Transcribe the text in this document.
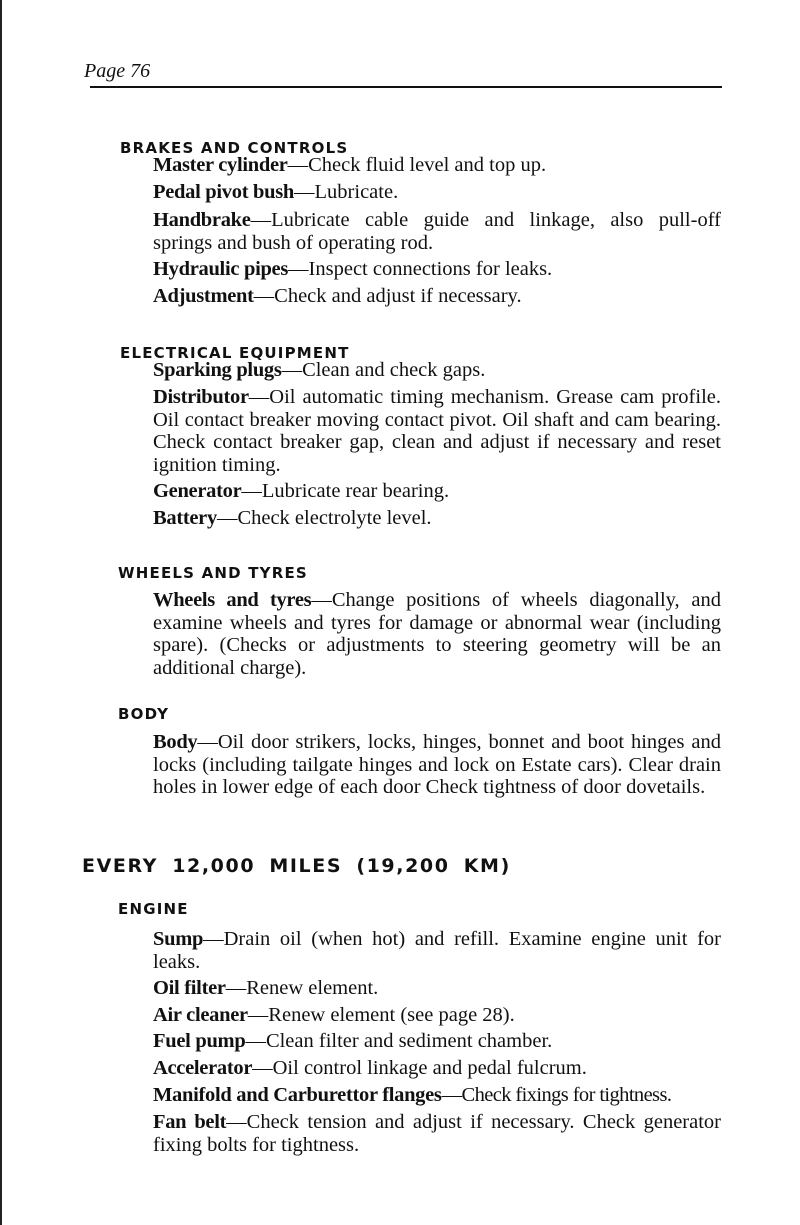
Page 76
BRAKES AND CONTROLS

Master cylinder — Check fluid level and top up.

Pedal pivot bush — Lubricate.

Handbrake — Lubricate cable guide and linkage, also pull-off springs and bush of operating rod.

Hydraulic pipes — Inspect connections for leaks.

Adjustment — Check and adjust if necessary.

ELECTRICAL EQUIPMENT

Sparking plugs — Clean and check gaps.

Distributor — Oil automatic timing mechanism. Grease cam profile. Oil contact breaker moving contact pivot. Oil shaft and cam bearing. Check contact breaker gap, clean and adjust if necessary and reset ignition timing.

Generator — Lubricate rear bearing.

Battery — Check electrolyte level.

WHEELS AND TYRES

Wheels and tyres — Change positions of wheels diagonally, and examine wheels and tyres for damage or abnormal wear (including spare). (Checks or adjustments to steering geometry will be an additional charge).

BODY

Body — Oil door strikers, locks, hinges, bonnet and boot hinges and locks (including tailgate hinges and lock on Estate cars). Clear drain holes in lower edge of each door Check tightness of door dovetails.

EVERY 12,000 MILES (19,200 KM)
ENGINE

Sump — Drain oil (when hot) and refill. Examine engine unit for leaks.

Oil filter — Renew element.

Air cleaner — Renew element (see page 28).

Fuel pump — Clean filter and sediment chamber.

Accelerator — Oil control linkage and pedal fulcrum.

Manifold and Carburettor flanges — Check fixings for tightness.

Fan belt — Check tension and adjust if necessary. Check generator fixing bolts for tightness.
